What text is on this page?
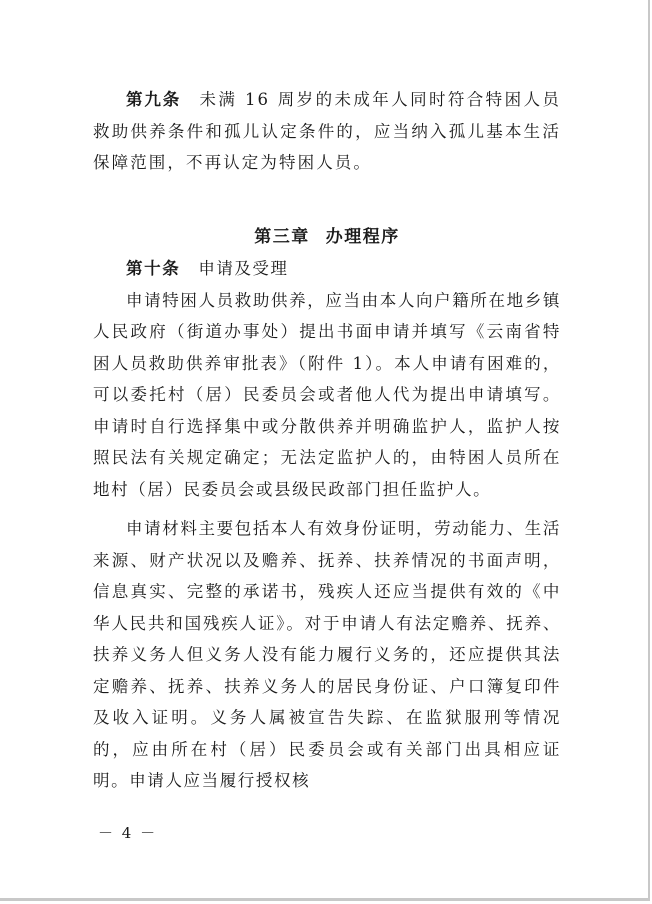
第九条 未满 16 周岁的未成年人同时符合特困人员救助供养条件和孤儿认定条件的，应当纳入孤儿基本生活保障范围，不再认定为特困人员。

第三章 办理程序

第十条 申请及受理

申请特困人员救助供养，应当由本人向户籍所在地乡镇人民政府（街道办事处）提出书面申请并填写《云南省特困人员救助供养审批表》（附件 1）。本人申请有困难的，可以委托村（居）民委员会或者他人代为提出申请填写。申请时自行选择集中或分散供养并明确监护人，监护人按照民法有关规定确定；无法定监护人的，由特困人员所在地村（居）民委员会或县级民政部门担任监护人。

申请材料主要包括本人有效身份证明，劳动能力、生活来源、财产状况以及赡养、抚养、扶养情况的书面声明，信息真实、完整的承诺书，残疾人还应当提供有效的《中华人民共和国残疾人证》。对于申请人有法定赡养、抚养、扶养义务人但义务人没有能力履行义务的，还应提供其法定赡养、抚养、扶养义务人的居民身份证、户口簿复印件及收入证明。义务人属被宣告失踪、在监狱服刑等情况的，应由所在村（居）民委员会或有关部门出具相应证明。申请人应当履行授权核

－ 4 －
